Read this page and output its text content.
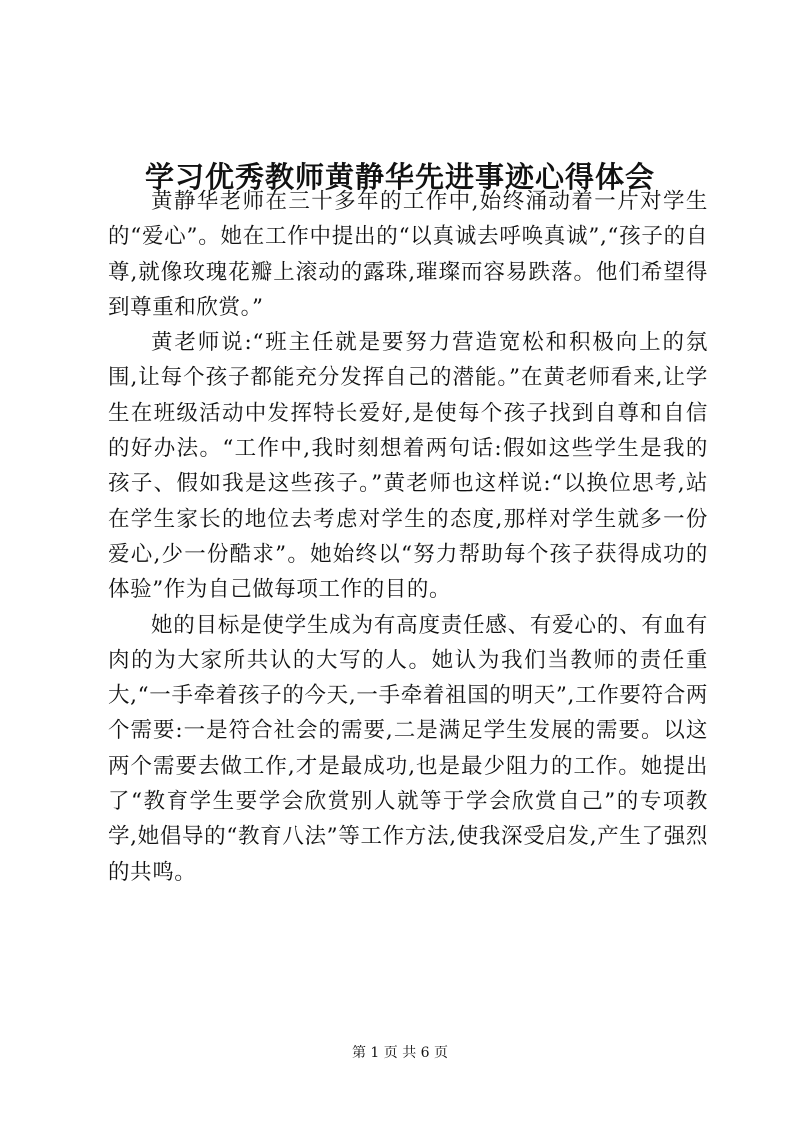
学习优秀教师黄静华先进事迹心得体会

黄静华老师在三十多年的工作中,始终涌动着一片对学生的“爱心”。她在工作中提出的“以真诚去呼唤真诚”,“孩子的自尊,就像玫瑰花瓣上滚动的露珠,璀璨而容易跌落。他们希望得到尊重和欣赏。”

黄老师说:“班主任就是要努力营造宽松和积极向上的氛围,让每个孩子都能充分发挥自己的潜能。”在黄老师看来,让学生在班级活动中发挥特长爱好,是使每个孩子找到自尊和自信的好办法。“工作中,我时刻想着两句话:假如这些学生是我的孩子、假如我是这些孩子。”黄老师也这样说:“以换位思考,站在学生家长的地位去考虑对学生的态度,那样对学生就多一份爱心,少一份酷求”。她始终以“努力帮助每个孩子获得成功的体验”作为自己做每项工作的目的。

她的目标是使学生成为有高度责任感、有爱心的、有血有肉的为大家所共认的大写的人。她认为我们当教师的责任重大,“一手牵着孩子的今天,一手牵着祖国的明天”,工作要符合两个需要:一是符合社会的需要,二是满足学生发展的需要。以这两个需要去做工作,才是最成功,也是最少阻力的工作。她提出了“教育学生要学会欣赏别人就等于学会欣赏自己”的专项教学,她倡导的“教育八法”等工作方法,使我深受启发,产生了强烈的共鸣。

第 1 页 共 6 页
